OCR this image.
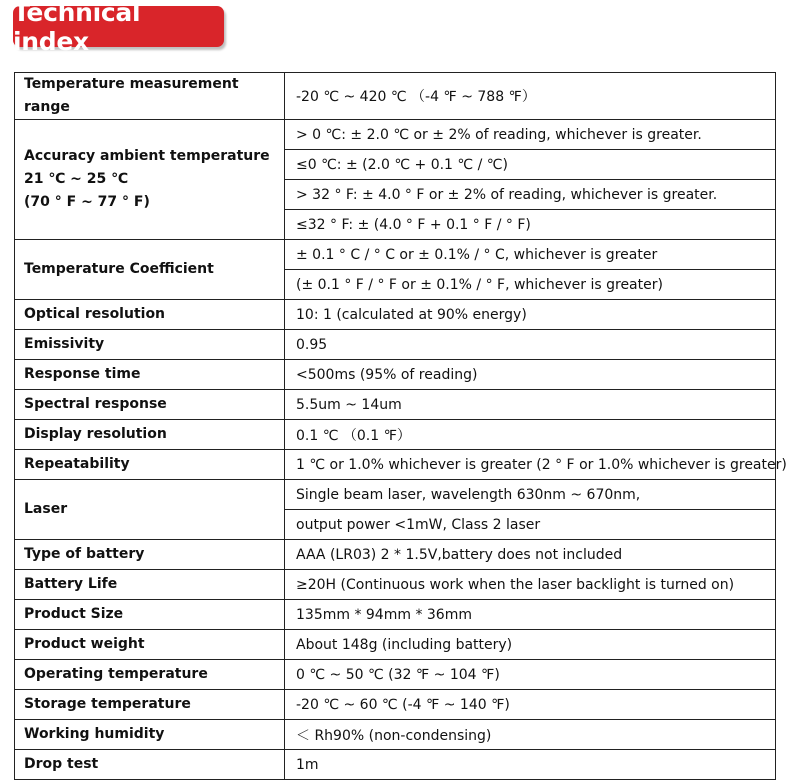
Technical index
Temperature measurement range	-20 ℃ ~ 420 ℃ （-4 ℉ ~ 788 ℉）
Accuracy ambient temperature
21 ℃ ~ 25 ℃
(70 ° F ~ 77 ° F)	> 0 ℃: ± 2.0 ℃ or ± 2% of reading, whichever is greater.
	≤0 ℃: ± (2.0 ℃ + 0.1 ℃ / ℃)
	> 32 ° F: ± 4.0 ° F or ± 2% of reading, whichever is greater.
	≤32 ° F: ± (4.0 ° F + 0.1 ° F / ° F)
Temperature Coefficient	± 0.1 ° C / ° C or ± 0.1% / ° C, whichever is greater
	(± 0.1 ° F / ° F or ± 0.1% / ° F, whichever is greater)
Optical resolution	10: 1 (calculated at 90% energy)
Emissivity	0.95
Response time	<500ms (95% of reading)
Spectral response	5.5um ~ 14um
Display resolution	0.1 ℃ （0.1 ℉）
Repeatability	1 ℃ or 1.0% whichever is greater (2 ° F or 1.0% whichever is greater)
Laser	Single beam laser, wavelength 630nm ~ 670nm,
	output power <1mW, Class 2 laser
Type of battery	AAA (LR03) 2 * 1.5V,battery does not included
Battery Life	≥20H (Continuous work when the laser backlight is turned on)
Product Size	135mm * 94mm * 36mm
Product weight	About 148g (including battery)
Operating temperature	0 ℃ ~ 50 ℃ (32 ℉ ~ 104 ℉)
Storage temperature	-20 ℃ ~ 60 ℃ (-4 ℉ ~ 140 ℉)
Working humidity	＜ Rh90% (non-condensing)
Drop test	1m
